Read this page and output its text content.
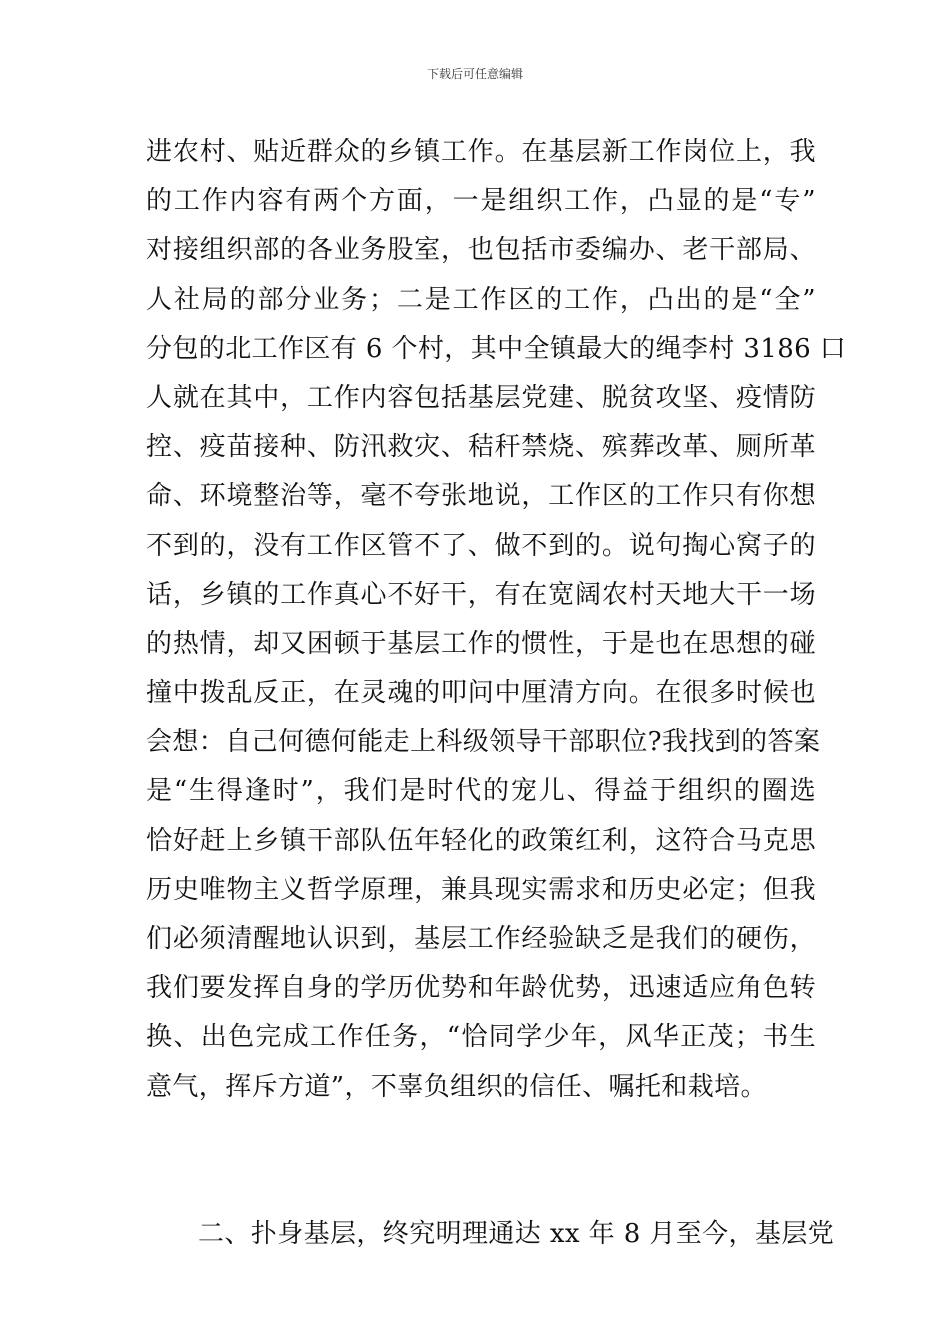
下载后可任意编辑
进农村、贴近群众的乡镇工作。在基层新工作岗位上，我
的工作内容有两个方面，一是组织工作，凸显的是“专”
对接组织部的各业务股室，也包括市委编办、老干部局、
人社局的部分业务；二是工作区的工作，凸出的是“全”
分包的北工作区有 6 个村，其中全镇最大的绳李村 3186 口
人就在其中，工作内容包括基层党建、脱贫攻坚、疫情防
控、疫苗接种、防汛救灾、秸秆禁烧、殡葬改革、厕所革
命、环境整治等，毫不夸张地说，工作区的工作只有你想
不到的，没有工作区管不了、做不到的。说句掏心窝子的
话，乡镇的工作真心不好干，有在宽阔农村天地大干一场
的热情，却又困顿于基层工作的惯性，于是也在思想的碰
撞中拨乱反正，在灵魂的叩问中厘清方向。在很多时候也
会想：自己何德何能走上科级领导干部职位?我找到的答案
是“生得逢时”，我们是时代的宠儿、得益于组织的圈选
恰好赶上乡镇干部队伍年轻化的政策红利，这符合马克思
历史唯物主义哲学原理，兼具现实需求和历史必定；但我
们必须清醒地认识到，基层工作经验缺乏是我们的硬伤，
我们要发挥自身的学历优势和年龄优势，迅速适应角色转
换、出色完成工作任务，“恰同学少年，风华正茂；书生
意气，挥斥方道”，不辜负组织的信任、嘱托和栽培。
二、扑身基层，终究明理通达 xx 年 8 月至今，基层党
